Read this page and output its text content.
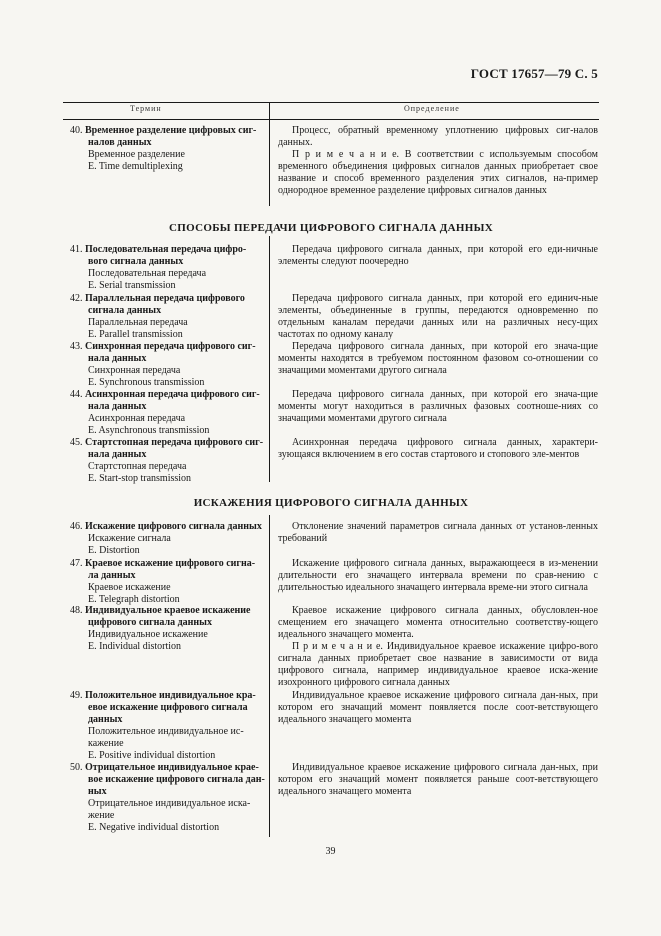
ГОСТ 17657—79 С. 5
Термин	Определение
40. Временное разделение цифровых сиг-
налов данных
Временное разделение
E. Time demultiplexing

Процесс, обратный временному уплотнению цифровых сиг-налов данных.

П р и м е ч а н и е. В соответствии с используемым способом временного объединения цифровых сигналов данных приобретает свое название и способ временного разделения этих сигналов, на-пример однородное временное разделение цифровых сигналов данных

СПОСОБЫ ПЕРЕДАЧИ ЦИФРОВОГО СИГНАЛА ДАННЫХ
41. Последовательная передача цифро-
вого сигнала данных
Последовательная передача
E. Serial transmission

Передача цифрового сигнала данных, при которой его еди-ничные элементы следуют поочередно

42. Параллельная передача цифрового
сигнала данных
Параллельная передача
E. Parallel transmission

Передача цифрового сигнала данных, при которой его единич-ные элементы, объединенные в группы, передаются одновременно по отдельным каналам передачи данных или на различных несу-щих частотах по одному каналу

43. Синхронная передача цифрового сиг-
нала данных
Синхронная передача
E. Synchronous transmission

Передача цифрового сигнала данных, при которой его знача-щие моменты находятся в требуемом постоянном фазовом со-отношении со значащими моментами другого сигнала

44. Асинхронная передача цифрового сиг-
нала данных
Асинхронная передача
E. Asynchronous transmission

Передача цифрового сигнала данных, при которой его знача-щие моменты могут находиться в различных фазовых соотноше-ниях со значащими моментами другого сигнала

45. Стартстопная передача цифрового сиг-
нала данных
Стартстопная передача
E. Start-stop transmission

Асинхронная передача цифрового сигнала данных, характери-зующаяся включением в его состав стартового и стопового эле-ментов

ИСКАЖЕНИЯ ЦИФРОВОГО СИГНАЛА ДАННЫХ
46. Искажение цифрового сигнала данных
Искажение сигнала
E. Distortion

Отклонение значений параметров сигнала данных от установ-ленных требований

47. Краевое искажение цифрового сигна-
ла данных
Краевое искажение
E. Telegraph distortion

Искажение цифрового сигнала данных, выражающееся в из-менении длительности его значащего интервала времени по срав-нению с длительностью идеального значащего интервала време-ни этого сигнала

48. Индивидуальное краевое искажение
цифрового сигнала данных
Индивидуальное искажение
E. Individual distortion

Краевое искажение цифрового сигнала данных, обусловлен-ное смещением его значащего момента относительно соответству-ющего идеального значащего момента.

П р и м е ч а н и е. Индивидуальное краевое искажение цифро-вого сигнала данных приобретает свое название в зависимости от вида цифрового сигнала, например индивидуальное краевое иска-жение изохронного цифрового сигнала данных

49. Положительное индивидуальное кра-
евое искажение цифрового сигнала
данных
Положительное индивидуальное ис-
кажение
E. Positive individual distortion

Индивидуальное краевое искажение цифрового сигнала дан-ных, при котором его значащий момент появляется после соот-ветствующего идеального значащего момента

50. Отрицательное индивидуальное крае-
вое искажение цифрового сигнала дан-
ных
Отрицательное индивидуальное иска-
жение
E. Negative individual distortion

Индивидуальное краевое искажение цифрового сигнала дан-ных, при котором его значащий момент появляется раньше соот-ветствующего идеального значащего момента

39
